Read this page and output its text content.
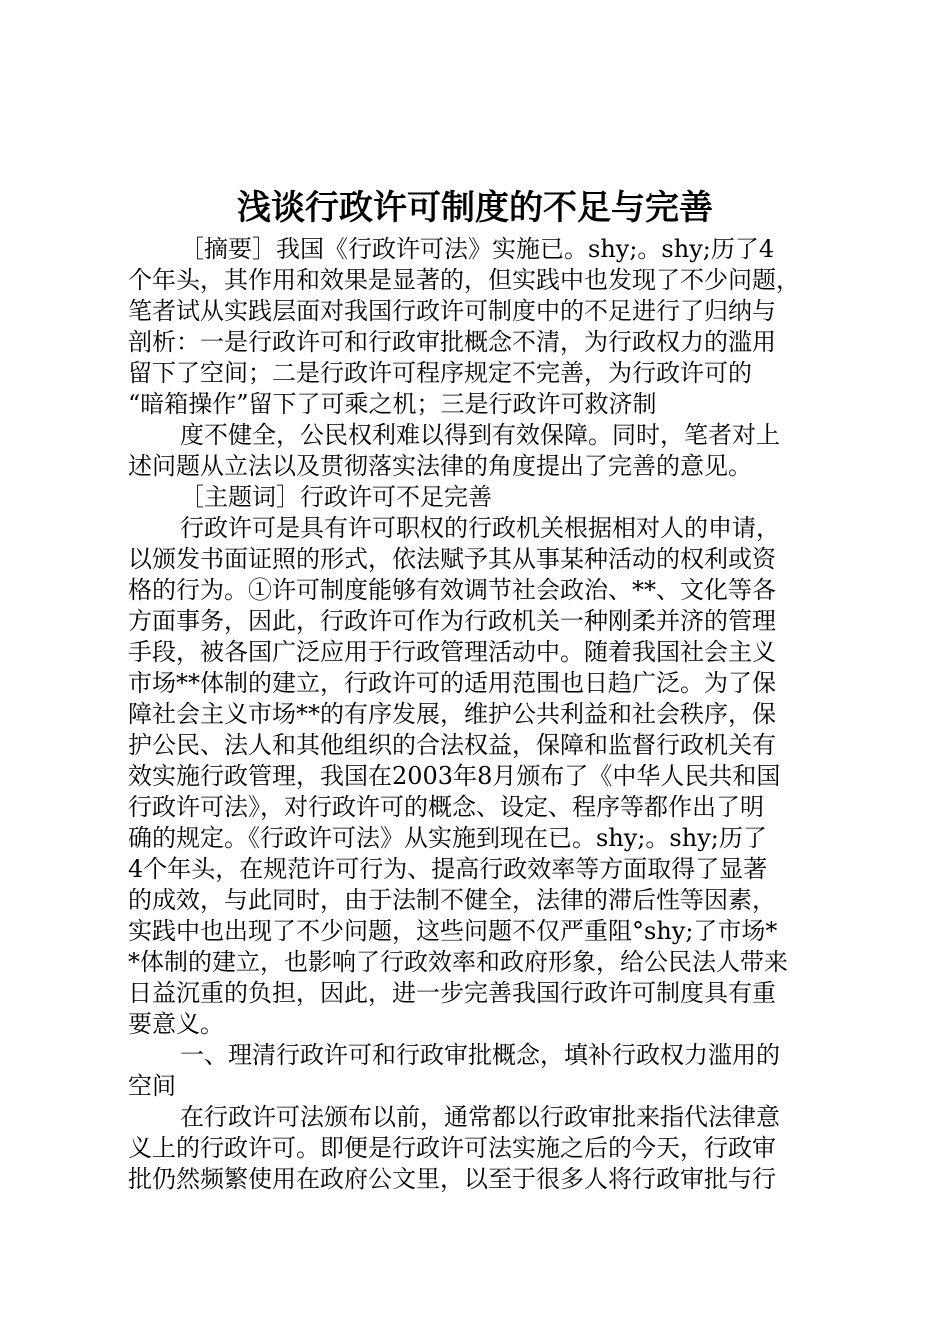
浅谈行政许可制度的不足与完善

［摘要］我国《行政许可法》实施已。shy;。shy;历了4

个年头，其作用和效果是显著的，但实践中也发现了不少问题，

笔者试从实践层面对我国行政许可制度中的不足进行了归纳与

剖析：一是行政许可和行政审批概念不清，为行政权力的滥用

留下了空间；二是行政许可程序规定不完善，为行政许可的

“暗箱操作”留下了可乘之机；三是行政许可救济制

度不健全，公民权利难以得到有效保障。同时，笔者对上

述问题从立法以及贯彻落实法律的角度提出了完善的意见。

［主题词］行政许可不足完善

行政许可是具有许可职权的行政机关根据相对人的申请，

以颁发书面证照的形式，依法赋予其从事某种活动的权利或资

格的行为。①许可制度能够有效调节社会政治、**、文化等各

方面事务，因此，行政许可作为行政机关一种刚柔并济的管理

手段，被各国广泛应用于行政管理活动中。随着我国社会主义

市场**体制的建立，行政许可的适用范围也日趋广泛。为了保

障社会主义市场**的有序发展，维护公共利益和社会秩序，保

护公民、法人和其他组织的合法权益，保障和监督行政机关有

效实施行政管理，我国在2003年8月颁布了《中华人民共和国

行政许可法》，对行政许可的概念、设定、程序等都作出了明

确的规定。《行政许可法》从实施到现在已。shy;。shy;历了

4个年头，在规范许可行为、提高行政效率等方面取得了显著

的成效，与此同时，由于法制不健全，法律的滞后性等因素，

实践中也出现了不少问题，这些问题不仅严重阻°shy;了市场*

*体制的建立，也影响了行政效率和政府形象，给公民法人带来

日益沉重的负担，因此，进一步完善我国行政许可制度具有重

要意义。

一、理清行政许可和行政审批概念，填补行政权力滥用的

空间

在行政许可法颁布以前，通常都以行政审批来指代法律意

义上的行政许可。即便是行政许可法实施之后的今天，行政审

批仍然频繁使用在政府公文里，以至于很多人将行政审批与行
